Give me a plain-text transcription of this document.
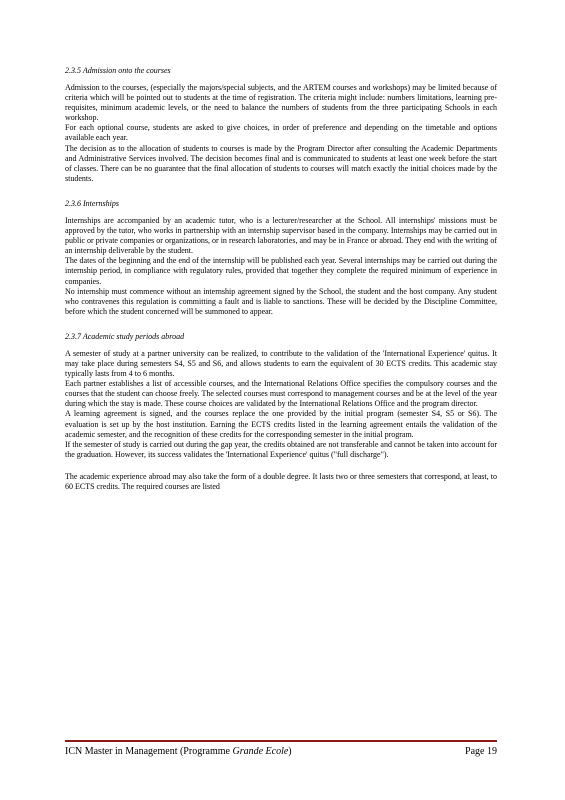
2.3.5 Admission onto the courses

Admission to the courses, (especially the majors/special subjects, and the ARTEM courses and workshops) may be limited because of criteria which will be pointed out to students at the time of registration. The criteria might include: numbers limitations, learning pre-requisites, minimum academic levels, or the need to balance the numbers of students from the three participating Schools in each workshop.

For each optional course, students are asked to give choices, in order of preference and depending on the timetable and options available each year.

The decision as to the allocation of students to courses is made by the Program Director after consulting the Academic Departments and Administrative Services involved. The decision becomes final and is communicated to students at least one week before the start of classes. There can be no guarantee that the final allocation of students to courses will match exactly the initial choices made by the students.

2.3.6 Internships

Internships are accompanied by an academic tutor, who is a lecturer/researcher at the School. All internships' missions must be approved by the tutor, who works in partnership with an internship supervisor based in the company. Internships may be carried out in public or private companies or organizations, or in research laboratories, and may be in France or abroad. They end with the writing of an internship deliverable by the student.

The dates of the beginning and the end of the internship will be published each year. Several internships may be carried out during the internship period, in compliance with regulatory rules, provided that together they complete the required minimum of experience in companies.

No internship must commence without an internship agreement signed by the School, the student and the host company. Any student who contravenes this regulation is committing a fault and is liable to sanctions. These will be decided by the Discipline Committee, before which the student concerned will be summoned to appear.

2.3.7 Academic study periods abroad

A semester of study at a partner university can be realized, to contribute to the validation of the 'International Experience' quitus. It may take place during semesters S4, S5 and S6, and allows students to earn the equivalent of 30 ECTS credits. This academic stay typically lasts from 4 to 6 months.

Each partner establishes a list of accessible courses, and the International Relations Office specifies the compulsory courses and the courses that the student can choose freely. The selected courses must correspond to management courses and be at the level of the year during which the stay is made. These course choices are validated by the International Relations Office and the program director.

A learning agreement is signed, and the courses replace the one provided by the initial program (semester S4, S5 or S6). The evaluation is set up by the host institution. Earning the ECTS credits listed in the learning agreement entails the validation of the academic semester, and the recognition of these credits for the corresponding semester in the initial program.

If the semester of study is carried out during the gap year, the credits obtained are not transferable and cannot be taken into account for the graduation. However, its success validates the 'International Experience' quitus ("full discharge").

The academic experience abroad may also take the form of a double degree. It lasts two or three semesters that correspond, at least, to 60 ECTS credits. The required courses are listed

ICN Master in Management (Programme Grande Ecole)	Page 19
